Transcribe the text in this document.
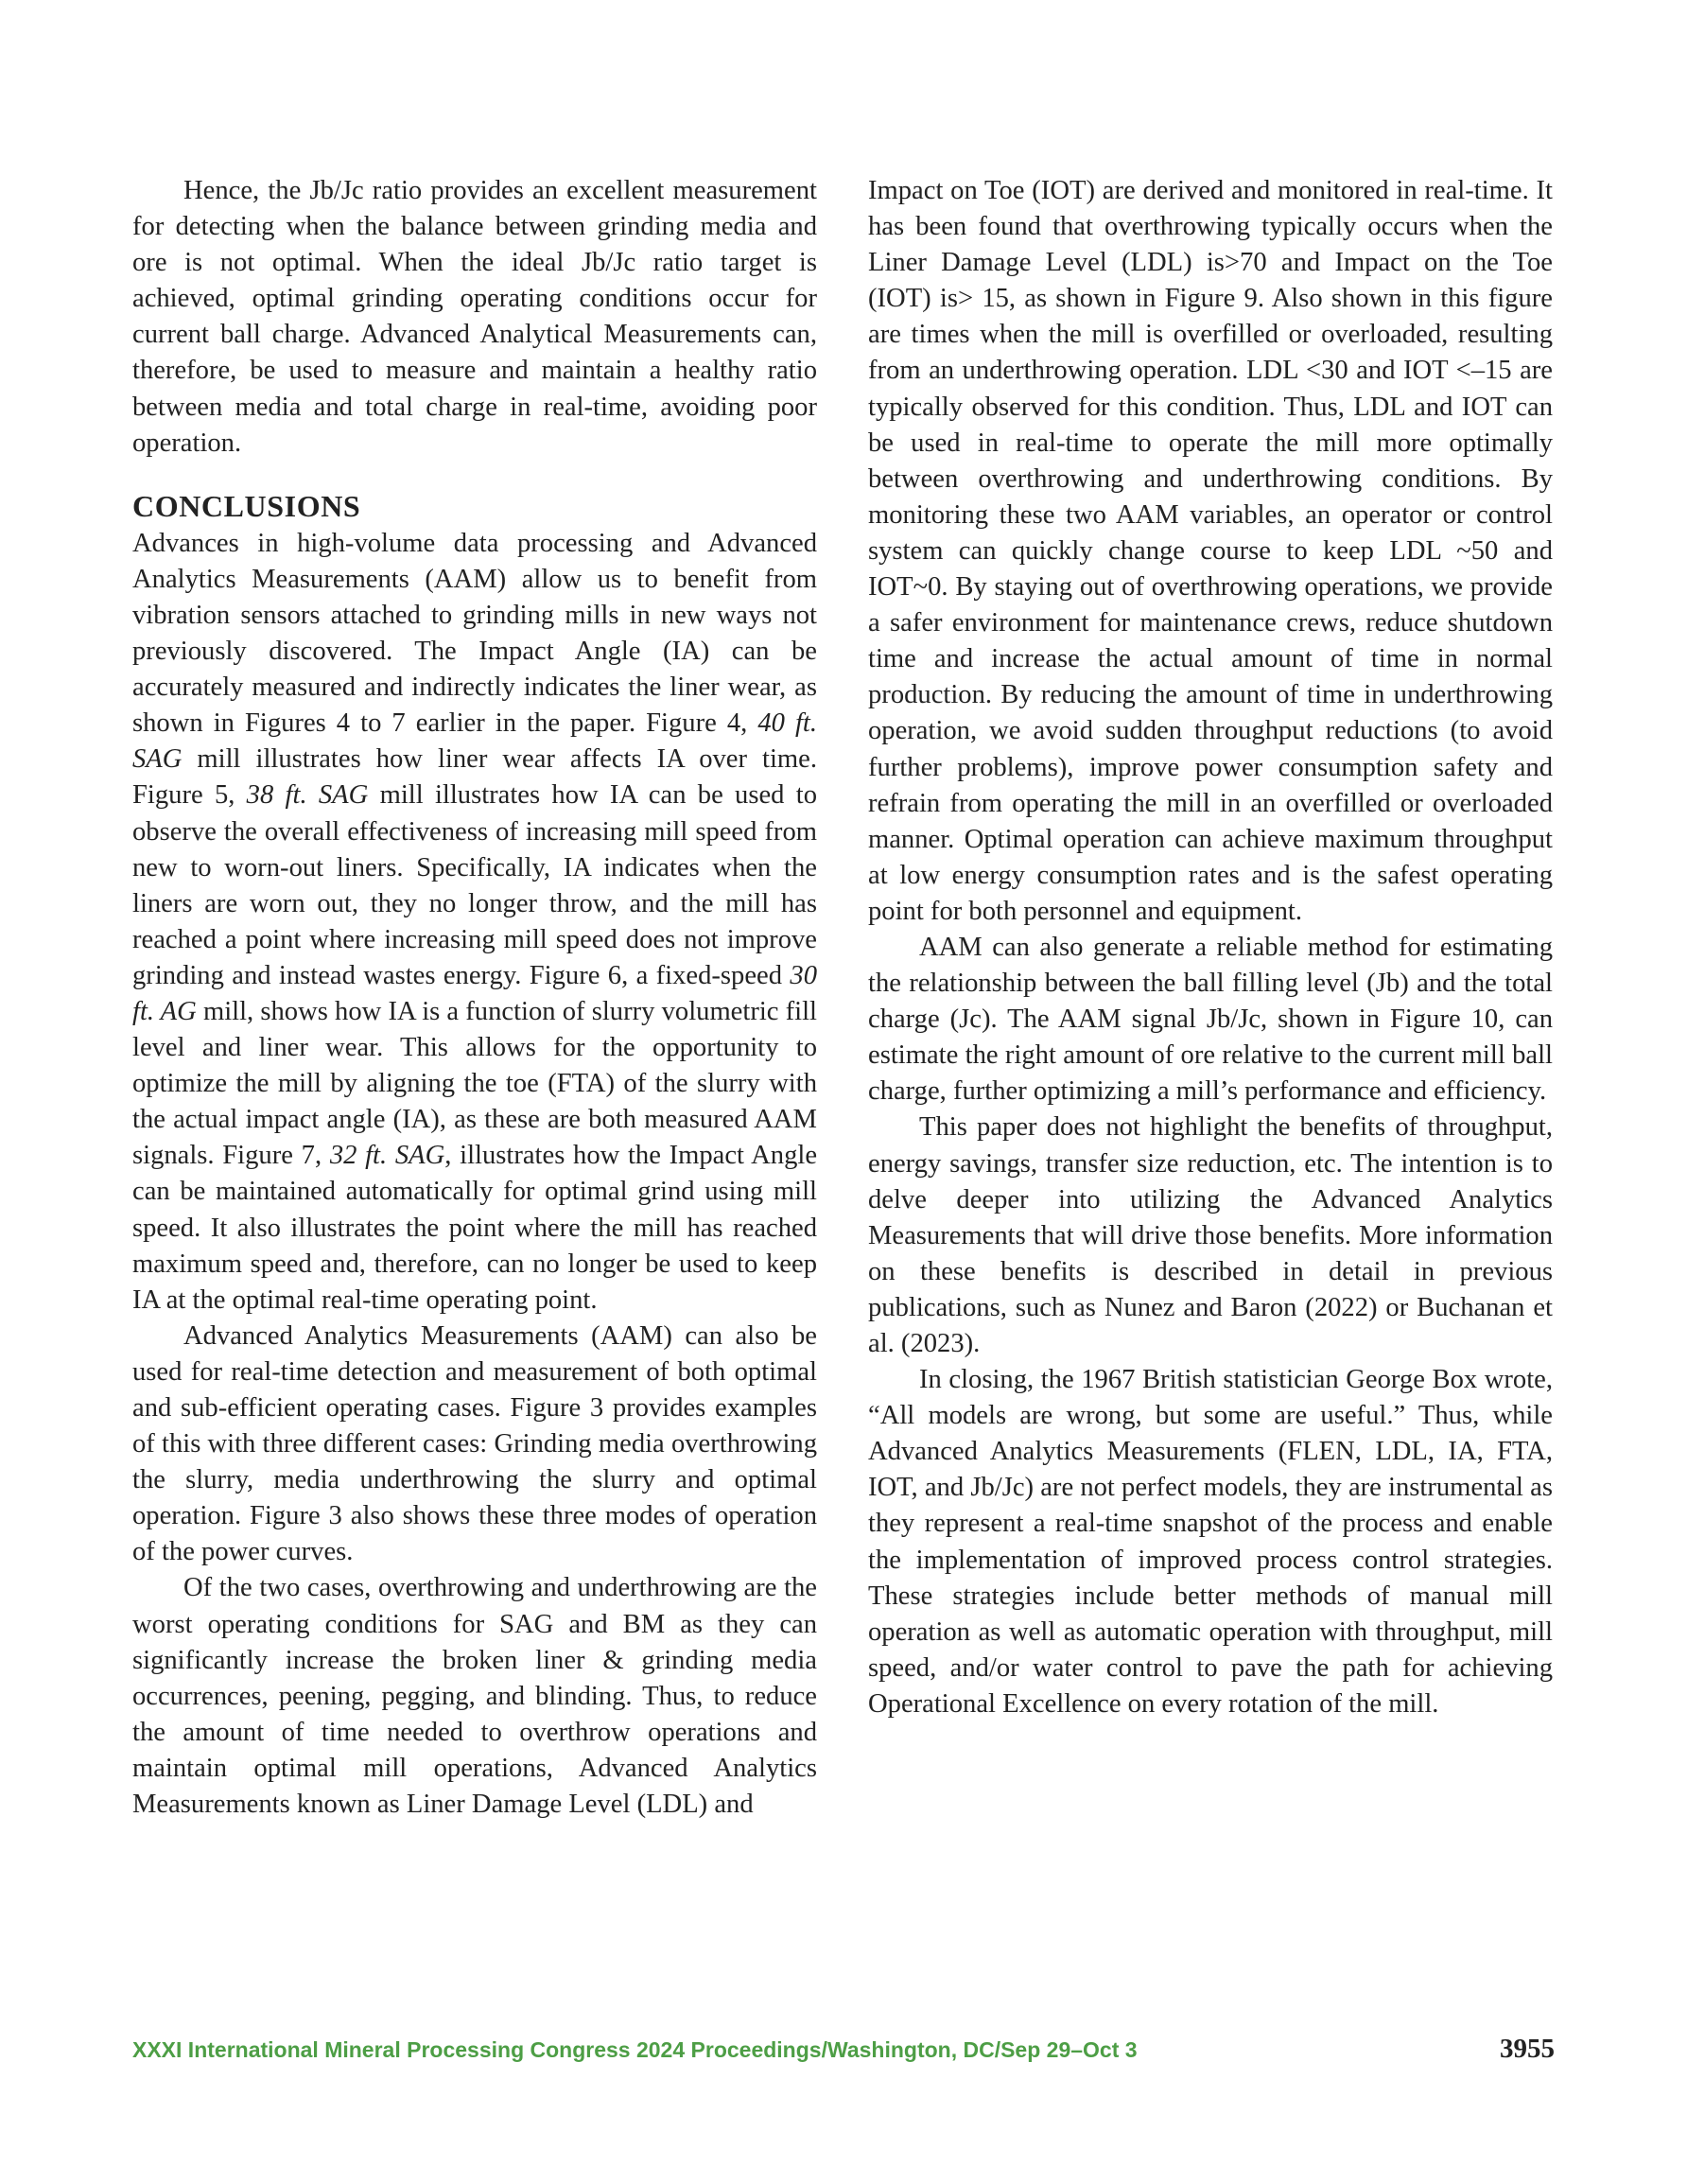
Hence, the Jb/Jc ratio provides an excellent measurement for detecting when the balance between grinding media and ore is not optimal. When the ideal Jb/Jc ratio target is achieved, optimal grinding operating conditions occur for current ball charge. Advanced Analytical Measurements can, therefore, be used to measure and maintain a healthy ratio between media and total charge in real-time, avoiding poor operation.

CONCLUSIONS

Advances in high-volume data processing and Advanced Analytics Measurements (AAM) allow us to benefit from vibration sensors attached to grinding mills in new ways not previously discovered. The Impact Angle (IA) can be accurately measured and indirectly indicates the liner wear, as shown in Figures 4 to 7 earlier in the paper. Figure 4, 40 ft. SAG mill illustrates how liner wear affects IA over time. Figure 5, 38 ft. SAG mill illustrates how IA can be used to observe the overall effectiveness of increasing mill speed from new to worn-out liners. Specifically, IA indicates when the liners are worn out, they no longer throw, and the mill has reached a point where increasing mill speed does not improve grinding and instead wastes energy. Figure 6, a fixed-speed 30 ft. AG mill, shows how IA is a function of slurry volumetric fill level and liner wear. This allows for the opportunity to optimize the mill by aligning the toe (FTA) of the slurry with the actual impact angle (IA), as these are both measured AAM signals. Figure 7, 32 ft. SAG, illustrates how the Impact Angle can be maintained automatically for optimal grind using mill speed. It also illustrates the point where the mill has reached maximum speed and, therefore, can no longer be used to keep IA at the optimal real-time operating point.

Advanced Analytics Measurements (AAM) can also be used for real-time detection and measurement of both optimal and sub-efficient operating cases. Figure 3 provides examples of this with three different cases: Grinding media overthrowing the slurry, media underthrowing the slurry and optimal operation. Figure 3 also shows these three modes of operation of the power curves.

Of the two cases, overthrowing and underthrowing are the worst operating conditions for SAG and BM as they can significantly increase the broken liner & grinding media occurrences, peening, pegging, and blinding. Thus, to reduce the amount of time needed to overthrow operations and maintain optimal mill operations, Advanced Analytics Measurements known as Liner Damage Level (LDL) and

Impact on Toe (IOT) are derived and monitored in real-time. It has been found that overthrowing typically occurs when the Liner Damage Level (LDL) is>70 and Impact on the Toe (IOT) is> 15, as shown in Figure 9. Also shown in this figure are times when the mill is overfilled or overloaded, resulting from an underthrowing operation. LDL <30 and IOT <–15 are typically observed for this condition. Thus, LDL and IOT can be used in real-time to operate the mill more optimally between overthrowing and underthrowing conditions. By monitoring these two AAM variables, an operator or control system can quickly change course to keep LDL ~50 and IOT~0. By staying out of overthrowing operations, we provide a safer environment for maintenance crews, reduce shutdown time and increase the actual amount of time in normal production. By reducing the amount of time in underthrowing operation, we avoid sudden throughput reductions (to avoid further problems), improve power consumption safety and refrain from operating the mill in an overfilled or overloaded manner. Optimal operation can achieve maximum throughput at low energy consumption rates and is the safest operating point for both personnel and equipment.

AAM can also generate a reliable method for estimating the relationship between the ball filling level (Jb) and the total charge (Jc). The AAM signal Jb/Jc, shown in Figure 10, can estimate the right amount of ore relative to the current mill ball charge, further optimizing a mill’s performance and efficiency.

This paper does not highlight the benefits of throughput, energy savings, transfer size reduction, etc. The intention is to delve deeper into utilizing the Advanced Analytics Measurements that will drive those benefits. More information on these benefits is described in detail in previous publications, such as Nunez and Baron (2022) or Buchanan et al. (2023).

In closing, the 1967 British statistician George Box wrote, “All models are wrong, but some are useful.” Thus, while Advanced Analytics Measurements (FLEN, LDL, IA, FTA, IOT, and Jb/Jc) are not perfect models, they are instrumental as they represent a real-time snapshot of the process and enable the implementation of improved process control strategies. These strategies include better methods of manual mill operation as well as automatic operation with throughput, mill speed, and/or water control to pave the path for achieving Operational Excellence on every rotation of the mill.

XXXI International Mineral Processing Congress 2024 Proceedings/Washington, DC/Sep 29–Oct 3	3955
